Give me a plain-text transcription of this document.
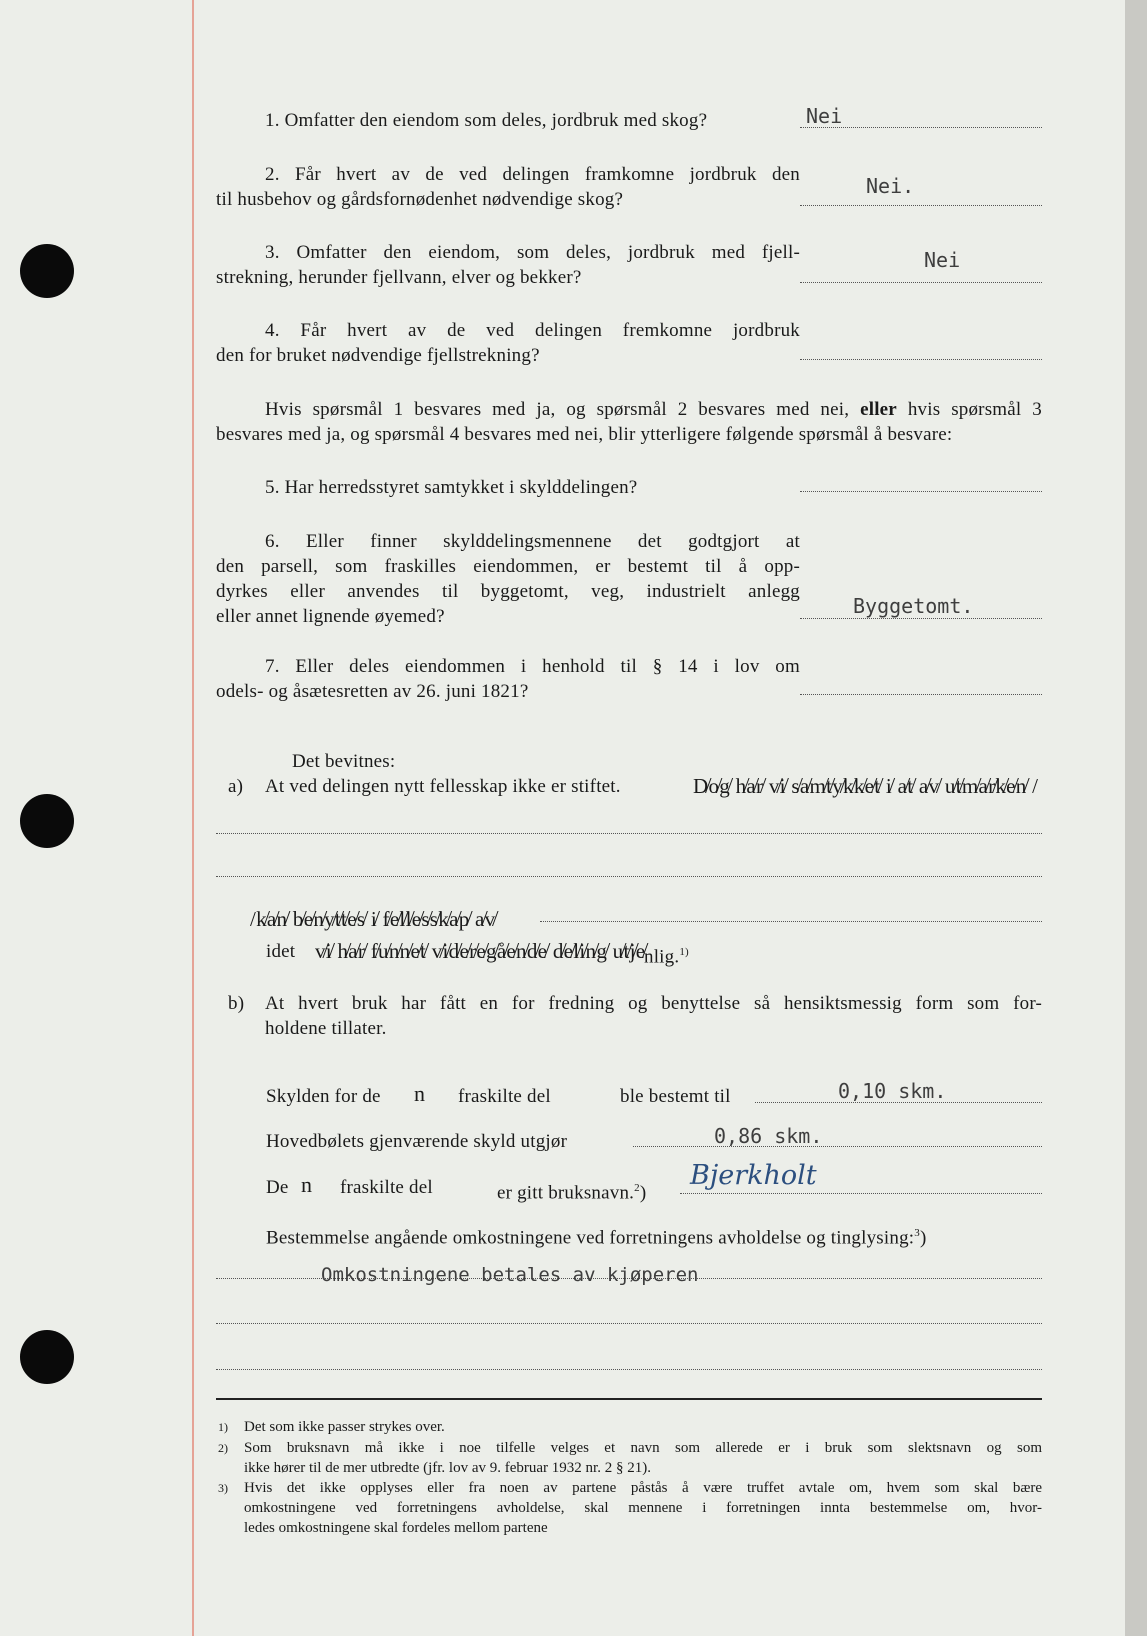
1. Omfatter den eiendom som deles, jordbruk med skog?	Nei
2. Får hvert av de ved delingen framkomne jordbruk den
til husbehov og gårdsfornødenhet nødvendige skog?
Nei.
3. Omfatter den eiendom, som deles, jordbruk med fjell-
strekning, herunder fjellvann, elver og bekker?
Nei
4. Får hvert av de ved delingen fremkomne jordbruk
den for bruket nødvendige fjellstrekning?
Hvis spørsmål 1 besvares med ja, og spørsmål 2 besvares med nei, eller hvis spørsmål 3
besvares med ja, og spørsmål 4 besvares med nei, blir ytterligere følgende spørsmål å besvare:
5. Har herredsstyret samtykket i skylddelingen?
6. Eller finner skylddelingsmennene det godtgjort at
den parsell, som fraskilles eiendommen, er bestemt til å opp-
dyrkes eller anvendes til byggetomt, veg, industrielt anlegg
eller annet lignende øyemed?	Byggetomt.
7. Eller deles eiendommen i henhold til § 14 i lov om
odels- og åsætesretten av 26. juni 1821?
Det bevitnes:
a) At ved delingen nytt fellesskap ikke er stiftet.	D̸o̸g̸ h̸a̸r̸ v̸i̸ s̸a̸m̸t̸y̸k̸k̸e̸t̸ i̸ a̸t̸ a̸v̸ u̸t̸m̸a̸r̸k̸e̸n̸ /
/k̸a̸n̸ b̸e̸n̸y̸t̸t̸e̸s̸ i̸ f̸e̸l̸l̸e̸s̸s̸k̸a̸p̸ a̸v̸
idet v̸i̸ h̸a̸r̸ f̸u̸n̸n̸e̸t̸ v̸i̸d̸e̸r̸e̸g̸å̸e̸n̸d̸e̸ d̸e̸l̸i̸n̸g̸ u̸t̸j̸e̸
nlig.$^{1)}$
b) At hvert bruk har fått en for fredning og benyttelse så hensiktsmessig form som for-
holdene tillater.
Skylden for de n fraskilte del	ble bestemt til	0,10 skm.
Hovedbølets gjenværende skyld utgjør	0,86 skm.
De n fraskilte del	er gitt bruksnavn.$^2$)
Bjerkholt
Bestemmelse angående omkostningene ved forretningens avholdelse og tinglysing:$^3$)
Omkostningene betales av kjøperen
1) Det som ikke passer strykes over.
2) Som bruksnavn må ikke i noe tilfelle velges et navn som allerede er i bruk som slektsnavn og som
ikke hører til de mer utbredte (jfr. lov av 9. februar 1932 nr. 2 § 21).
3) Hvis det ikke opplyses eller fra noen av partene påstås å være truffet avtale om, hvem som skal bære
omkostningene ved forretningens avholdelse, skal mennene i forretningen innta bestemmelse om, hvor-
ledes omkostningene skal fordeles mellom partene
